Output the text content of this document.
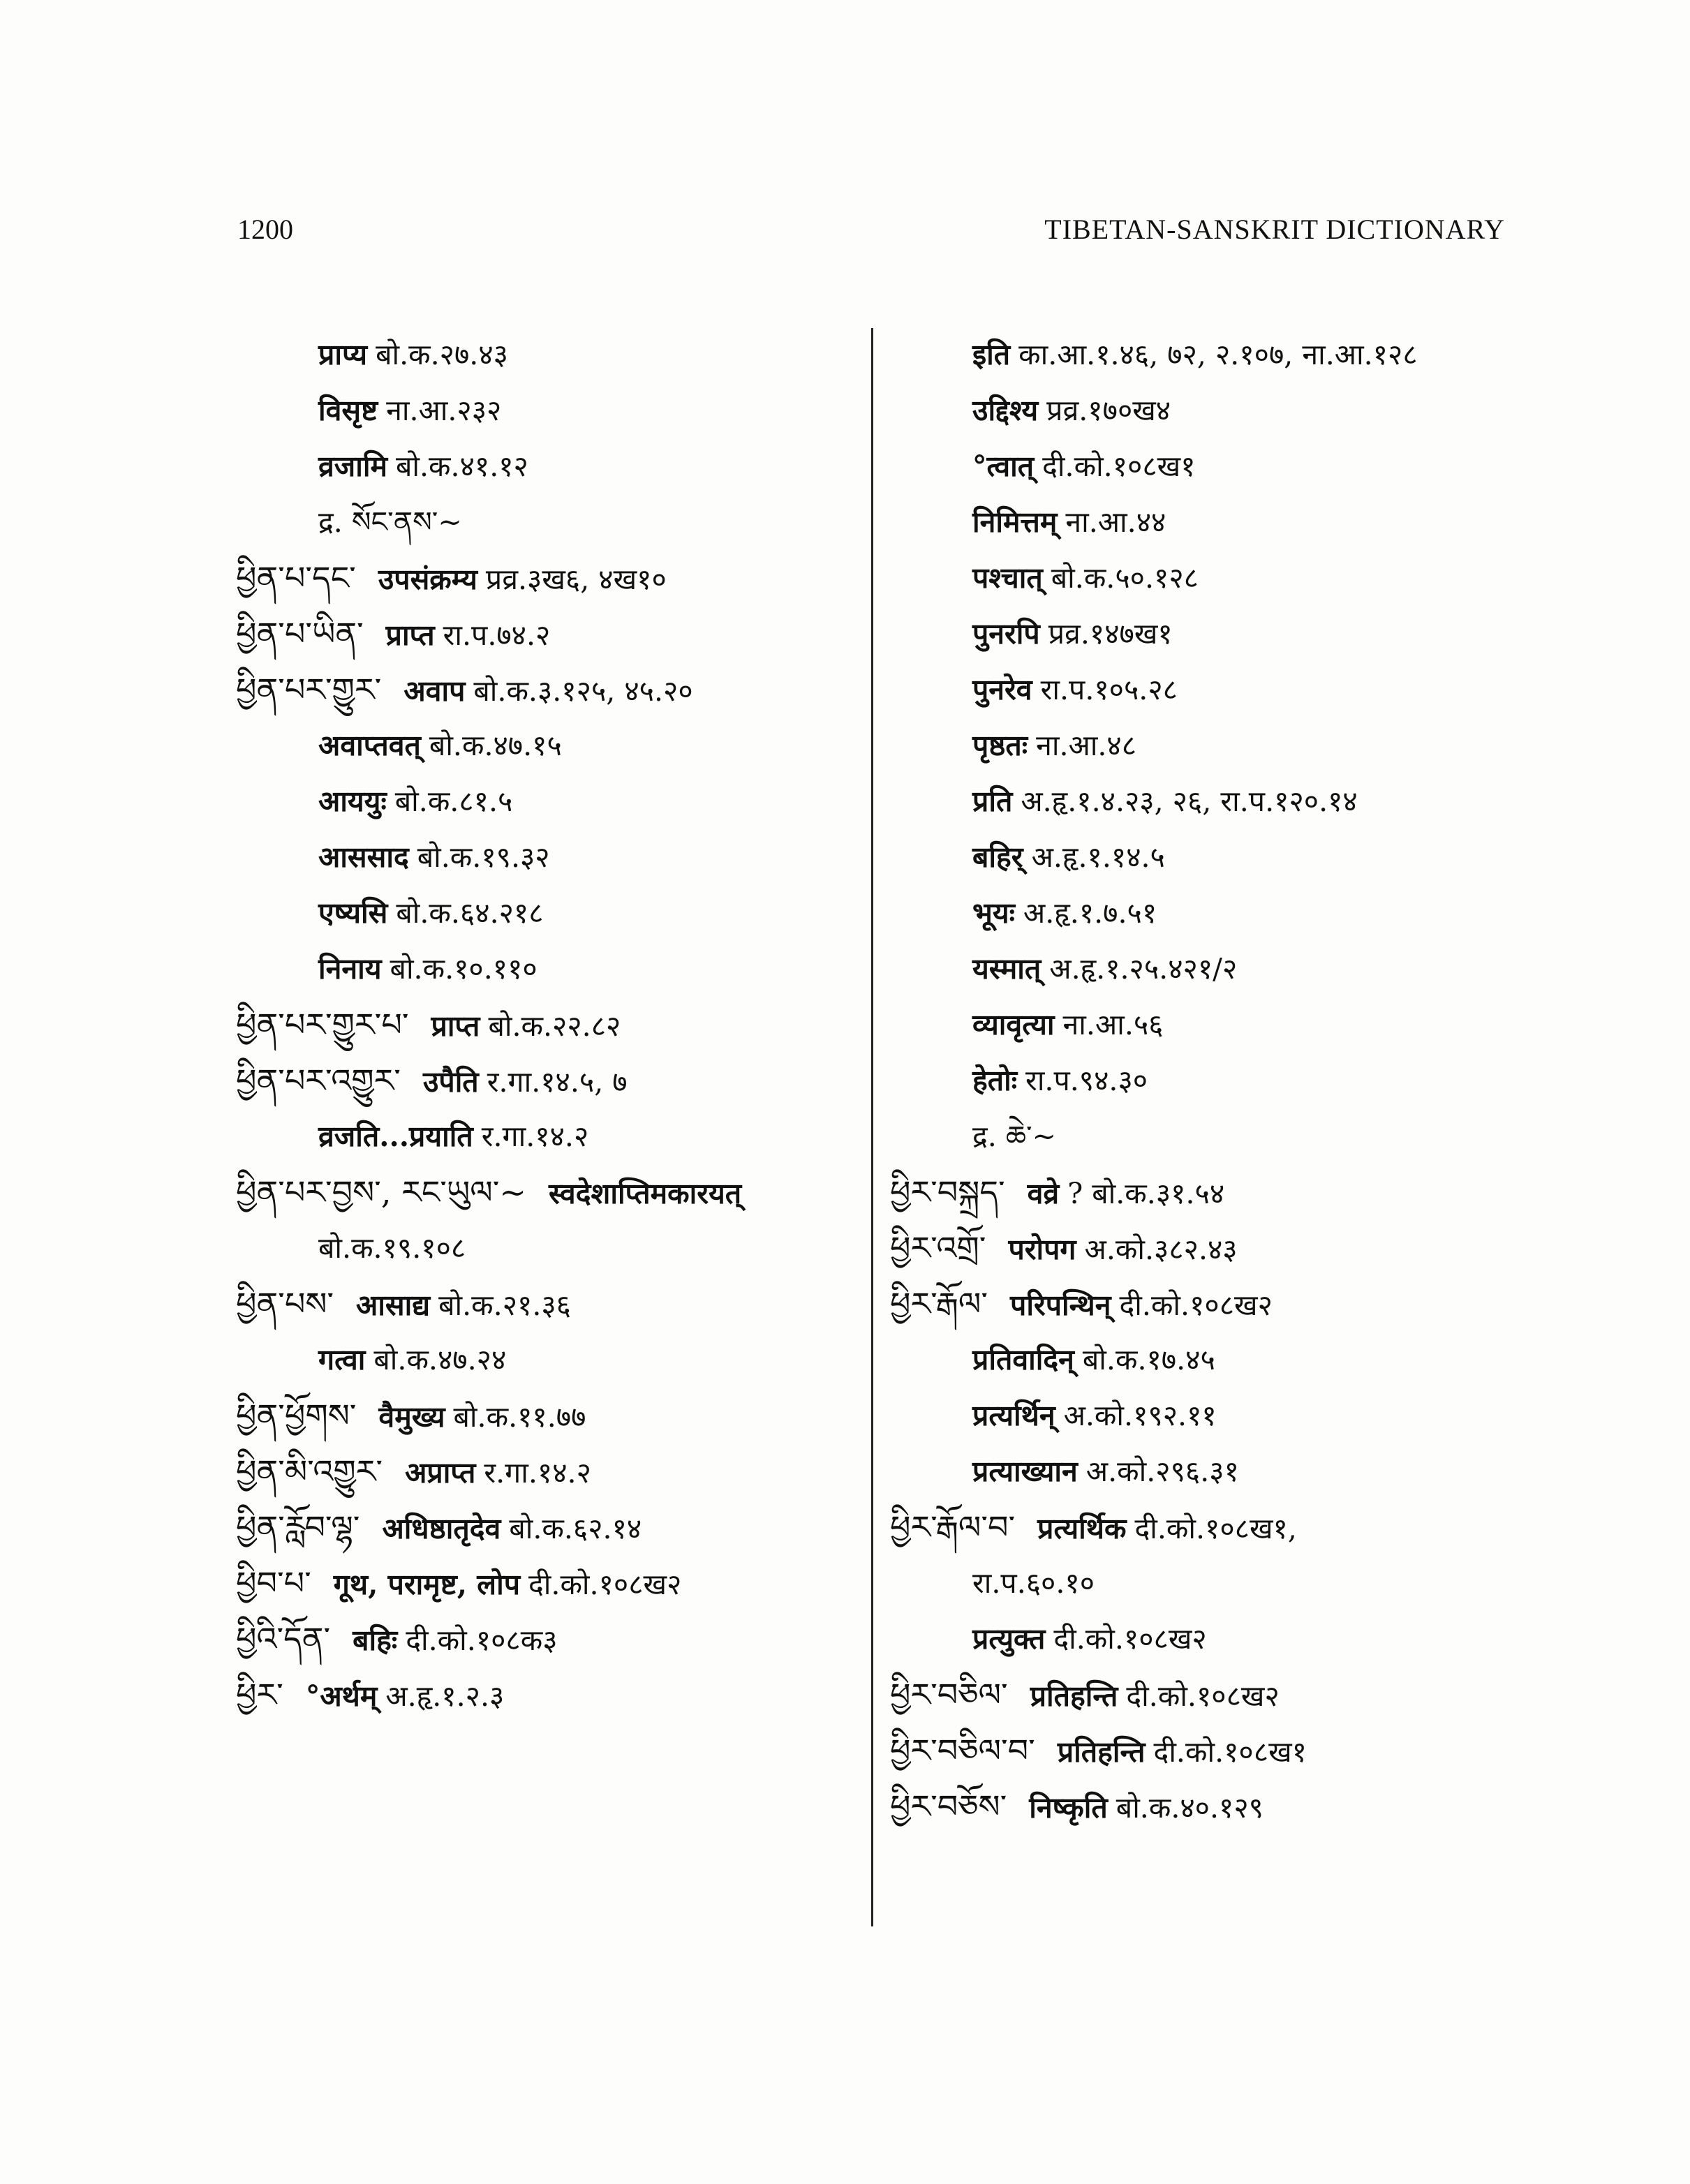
1200	TIBETAN-SANSKRIT DICTIONARY
प्राप्य बो.क.२७.४३
विसृष्ट ना.आ.२३२
व्रजामि बो.क.४१.१२
द्र. སོང་ནས་~
ཕྱིན་པ་དང་ उपसंक्रम्य प्रव्र.३ख६, ४ख१०
ཕྱིན་པ་ཡིན་ प्राप्त रा.प.७४.२
ཕྱིན་པར་གྱུར་ अवाप बो.क.३.१२५, ४५.२०
अवाप्तवत् बो.क.४७.१५
आययुः बो.क.८१.५
आससाद बो.क.१९.३२
एष्यसि बो.क.६४.२१८
निनाय बो.क.१०.११०
ཕྱིན་པར་གྱུར་པ་ प्राप्त बो.क.२२.८२
ཕྱིན་པར་འགྱུར་ उपैति र.गा.१४.५, ७
व्रजति...प्रयाति र.गा.१४.२
ཕྱིན་པར་བྱས་, རང་ཡུལ་~ स्वदेशाप्तिमकारयत्
बो.क.१९.१०८
ཕྱིན་པས་ आसाद्य बो.क.२१.३६
गत्वा बो.क.४७.२४
ཕྱིན་ཕྱོགས་ वैमुख्य बो.क.११.७७
ཕྱིན་མི་འགྱུར་ अप्राप्त र.गा.१४.२
ཕྱིན་རློབ་ལྷ་ अधिष्ठातृदेव बो.क.६२.१४
ཕྱིབ་པ་ गूथ, परामृष्ट, लोप दी.को.१०८ख२
ཕྱིའི་དོན་ बहिः दी.को.१०८क३
ཕྱིར་ °अर्थम् अ.हृ.१.२.३
इति का.आ.१.४६, ७२, २.१०७, ना.आ.१२८
उद्दिश्य प्रव्र.१७०ख४
°त्वात् दी.को.१०८ख१
निमित्तम् ना.आ.४४
पश्चात् बो.क.५०.१२८
पुनरपि प्रव्र.१४७ख१
पुनरेव रा.प.१०५.२८
पृष्ठतः ना.आ.४८
प्रति अ.हृ.१.४.२३, २६, रा.प.१२०.१४
बहिर् अ.हृ.१.१४.५
भूयः अ.हृ.१.७.५१
यस्मात् अ.हृ.१.२५.४२१/२
व्यावृत्या ना.आ.५६
हेतोः रा.प.९४.३०
द्र. ཆེ་~
ཕྱིར་བསྐྲད་ वव्रे ? बो.क.३१.५४
ཕྱིར་འགྲོ་ परोपग अ.को.३८२.४३
ཕྱིར་རྒོལ་ परिपन्थिन् दी.को.१०८ख२
प्रतिवादिन् बो.क.१७.४५
प्रत्यर्थिन् अ.को.१९२.११
प्रत्याख्यान अ.को.२९६.३१
ཕྱིར་རྒོལ་བ་ प्रत्यर्थिक दी.को.१०८ख१,
रा.प.६०.१०
प्रत्युक्त दी.को.१०८ख२
ཕྱིར་བཅིལ་ प्रतिहन्ति दी.को.१०८ख२
ཕྱིར་བཅིལ་བ་ प्रतिहन्ति दी.को.१०८ख१
ཕྱིར་བཅོས་ निष्कृति बो.क.४०.१२९
